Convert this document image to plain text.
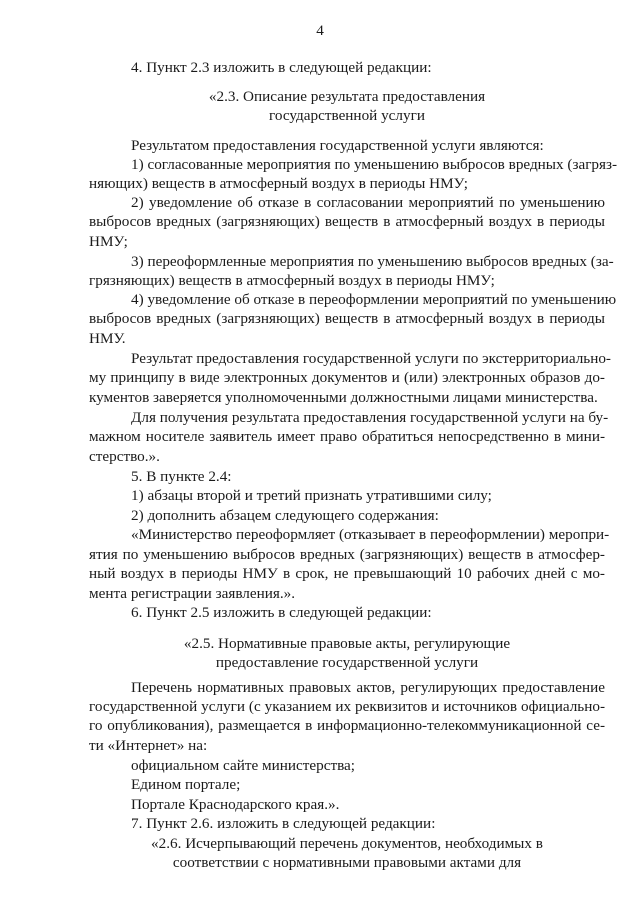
4
4. Пункт 2.3 изложить в следующей редакции:
«2.3. Описание результата предоставления
государственной услуги
Результатом предоставления государственной услуги являются:
1) согласованные мероприятия по уменьшению выбросов вредных (загряз-
няющих) веществ в атмосферный воздух в периоды НМУ;
2) уведомление об отказе в согласовании мероприятий по уменьшению
выбросов вредных (загрязняющих) веществ в атмосферный воздух в периоды
НМУ;
3) переоформленные мероприятия по уменьшению выбросов вредных (за-
грязняющих) веществ в атмосферный воздух в периоды НМУ;
4) уведомление об отказе в переоформлении мероприятий по уменьшению
выбросов вредных (загрязняющих) веществ в атмосферный воздух в периоды
НМУ.
Результат предоставления государственной услуги по экстерриториально-
му принципу в виде электронных документов и (или) электронных образов до-
кументов заверяется уполномоченными должностными лицами министерства.
Для получения результата предоставления государственной услуги на бу-
мажном носителе заявитель имеет право обратиться непосредственно в мини-
стерство.».
5. В пункте 2.4:
1) абзацы второй и третий признать утратившими силу;
2) дополнить абзацем следующего содержания:
«Министерство переоформляет (отказывает в переоформлении) меропри-
ятия по уменьшению выбросов вредных (загрязняющих) веществ в атмосфер-
ный воздух в периоды НМУ в срок, не превышающий 10 рабочих дней с мо-
мента регистрации заявления.».
6. Пункт 2.5 изложить в следующей редакции:
«2.5. Нормативные правовые акты, регулирующие
предоставление государственной услуги
Перечень нормативных правовых актов, регулирующих предоставление
государственной услуги (с указанием их реквизитов и источников официально-
го опубликования), размещается в информационно-телекоммуникационной се-
ти «Интернет» на:
официальном сайте министерства;
Едином портале;
Портале Краснодарского края.».
7. Пункт 2.6. изложить в следующей редакции:
«2.6. Исчерпывающий перечень документов, необходимых в
соответствии с нормативными правовыми актами для
